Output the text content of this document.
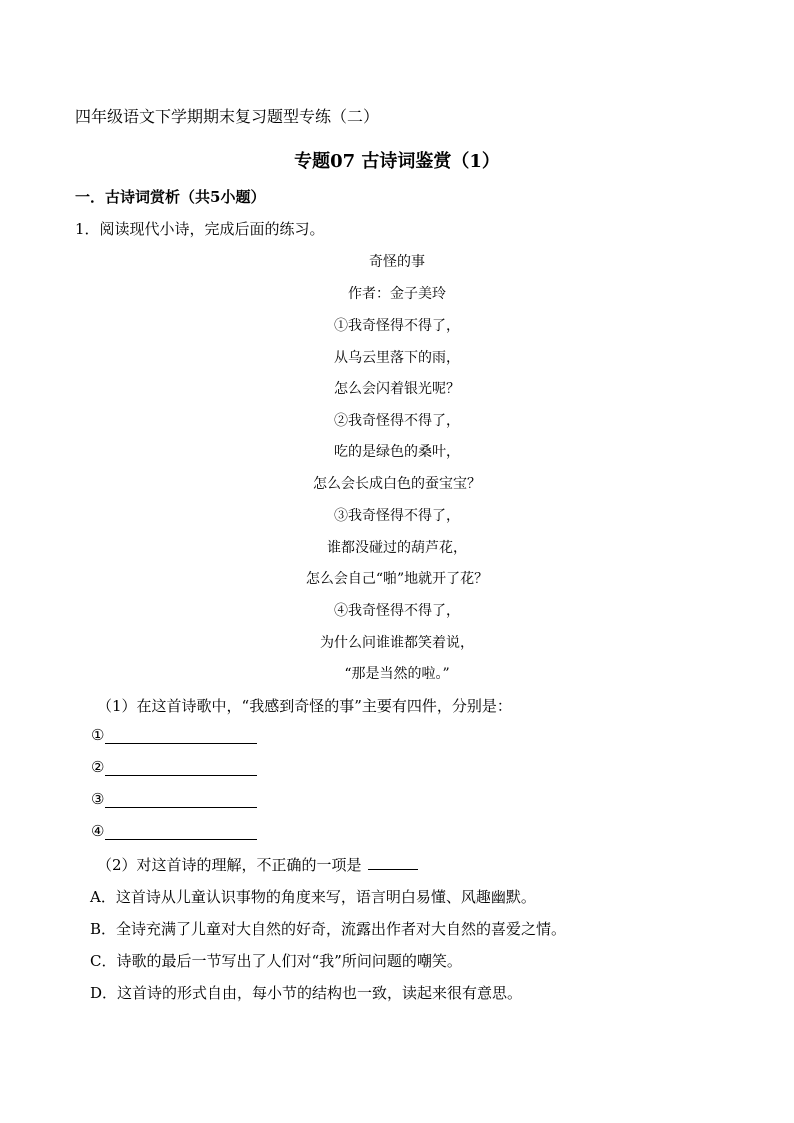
四年级语文下学期期末复习题型专练（二）
专题07 古诗词鉴赏（1）
一．古诗词赏析（共5小题）
1．阅读现代小诗，完成后面的练习。
奇怪的事
作者：金子美玲
①我奇怪得不得了，
从乌云里落下的雨，
怎么会闪着银光呢？
②我奇怪得不得了，
吃的是绿色的桑叶，
怎么会长成白色的蚕宝宝？
③我奇怪得不得了，
谁都没碰过的葫芦花，
怎么会自己“啪”地就开了花？
④我奇怪得不得了，
为什么问谁谁都笑着说，
“那是当然的啦。”
（1）在这首诗歌中，“我感到奇怪的事”主要有四件，分别是：
①
②
③
④
（2）对这首诗的理解，不正确的一项是
A．这首诗从儿童认识事物的角度来写，语言明白易懂、风趣幽默。
B．全诗充满了儿童对大自然的好奇，流露出作者对大自然的喜爱之情。
C．诗歌的最后一节写出了人们对“我”所问问题的嘲笑。
D．这首诗的形式自由，每小节的结构也一致，读起来很有意思。
